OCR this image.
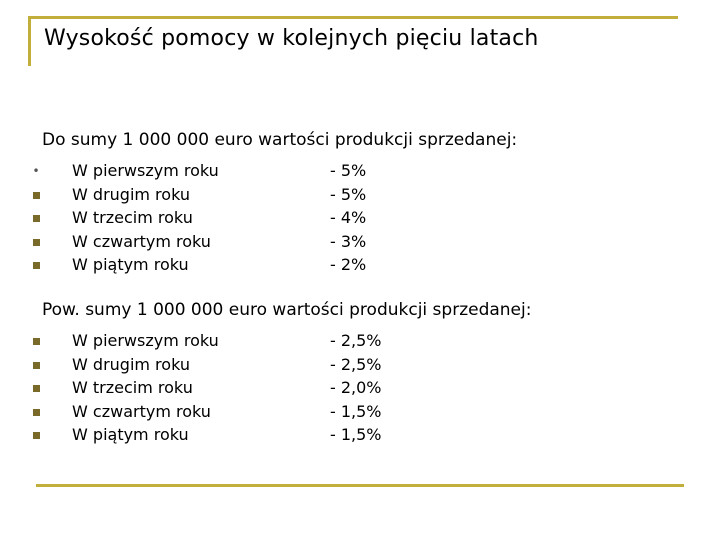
Wysokość pomocy w kolejnych pięciu latach
Do sumy 1 000 000 euro wartości produkcji sprzedanej:
• W pierwszym roku	- 5%
W drugim roku	- 5%
W trzecim roku	- 4%
W czwartym roku	- 3%
W piątym roku	- 2%
Pow. sumy 1 000 000 euro wartości produkcji sprzedanej:
W pierwszym roku	- 2,5%
W drugim roku	- 2,5%
W trzecim roku	- 2,0%
W czwartym roku	- 1,5%
W piątym roku	- 1,5%
